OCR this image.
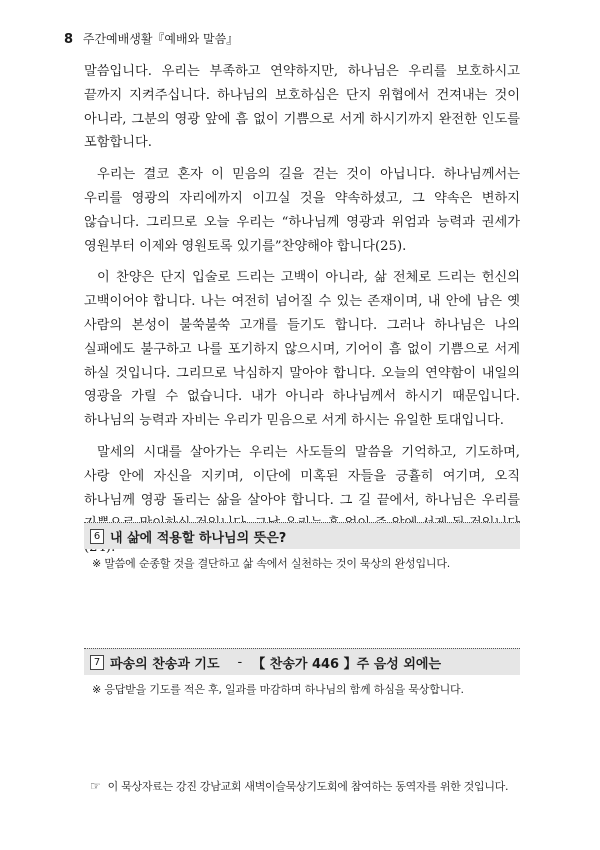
8 주간예배생활『예배와 말씀』

말씀입니다. 우리는 부족하고 연약하지만, 하나님은 우리를 보호하시고 끝까지 지켜주십니다. 하나님의 보호하심은 단지 위협에서 건져내는 것이 아니라, 그분의 영광 앞에 흠 없이 기쁨으로 서게 하시기까지 완전한 인도를 포함합니다.

우리는 결코 혼자 이 믿음의 길을 걷는 것이 아닙니다. 하나님께서는 우리를 영광의 자리에까지 이끄실 것을 약속하셨고, 그 약속은 변하지 않습니다. 그리므로 오늘 우리는 “하나님께 영광과 위엄과 능력과 권세가 영원부터 이제와 영원토록 있기를”찬양해야 합니다(25).

이 찬양은 단지 입술로 드리는 고백이 아니라, 삶 전체로 드리는 헌신의 고백이어야 합니다. 나는 여전히 넘어질 수 있는 존재이며, 내 안에 남은 옛 사람의 본성이 불쑥불쑥 고개를 들기도 합니다. 그러나 하나님은 나의 실패에도 불구하고 나를 포기하지 않으시며, 기어이 흠 없이 기쁨으로 서게 하실 것입니다. 그리므로 낙심하지 말아야 합니다. 오늘의 연약함이 내일의 영광을 가릴 수 없습니다. 내가 아니라 하나님께서 하시기 때문입니다. 하나님의 능력과 자비는 우리가 믿음으로 서게 하시는 유일한 토대입니다.

말세의 시대를 살아가는 우리는 사도들의 말씀을 기억하고, 기도하며, 사랑 안에 자신을 지키며, 이단에 미혹된 자들을 긍휼히 여기며, 오직 하나님께 영광 돌리는 삶을 살아야 합니다. 그 길 끝에서, 하나님은 우리를

6 내 삶에 적용할 하나님의 뜻은?
※ 말씀에 순종할 것을 결단하고 삶 속에서 실천하는 것이 묵상의 완성입니다.
7 파송의 찬송과 기도 - 【 찬송가 446 】주 음성 외에는
※ 응답받을 기도를 적은 후, 일과를 마감하며 하나님의 함께 하심을 묵상합니다.
☞ 이 묵상자료는 강진 강남교회 새벽이슬묵상기도회에 참여하는 동역자를 위한 것입니다.
